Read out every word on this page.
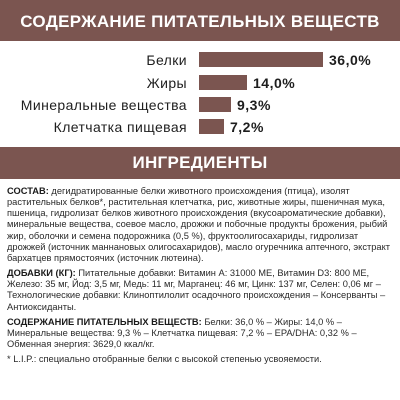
СОДЕРЖАНИЕ ПИТАТЕЛЬНЫХ ВЕЩЕСТВ
Белки	36,0%
Жиры	14,0%
Минеральные вещества	9,3%
Клетчатка пищевая	7,2%
ИНГРЕДИЕНТЫ

СОСТАВ: дегидратированные белки животного происхождения (птица), изолят растительных белков*, растительная клетчатка, рис, животные жиры, пшеничная мука, пшеница, гидролизат белков животного происхождения (вкусоароматические добавки), минеральные вещества, соевое масло, дрожжи и побочные продукты брожения, рыбий жир, оболочки и семена подорожника (0,5 %), фруктоолигосахариды, гидролизат дрожжей (источник маннановых олигосахаридов), масло огуречника аптечного, экстракт бархатцев прямостоячих (источник лютеина).

ДОБАВКИ (КГ): Питательные добавки: Витамин A: 31000 МЕ, Витамин D3: 800 МЕ, Железо: 35 мг, Йод: 3,5 мг, Медь: 11 мг, Марганец: 46 мг, Цинк: 137 мг, Селен: 0,06 мг – Технологические добавки: Клиноптилолит осадочного происхождения – Консерванты – Антиоксиданты.

СОДЕРЖАНИЕ ПИТАТЕЛЬНЫХ ВЕЩЕСТВ: Белки: 36,0 % – Жиры: 14,0 % – Минеральные вещества: 9,3 % – Клетчатка пищевая: 7,2 % – EPA/DHA: 0,32 % – Обменная энергия: 3629,0 ккал/кг.

* L.I.P.: специально отобранные белки с высокой степенью усвояемости.
